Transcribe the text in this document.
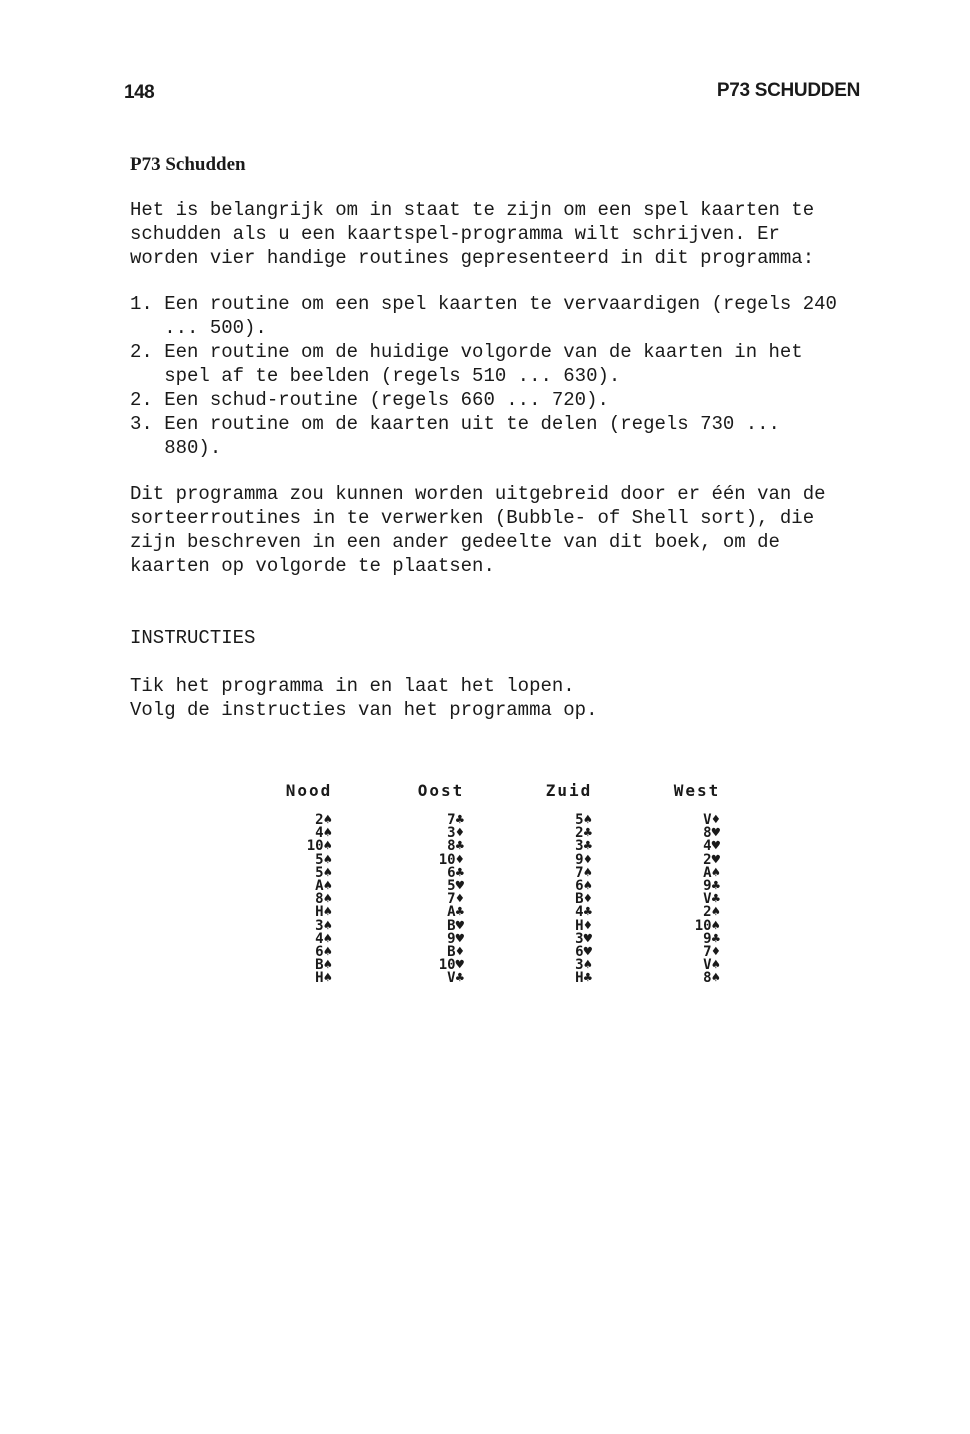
148	P73 SCHUDDEN
P73 Schudden
Het is belangrijk om in staat te zijn om een spel kaarten te
schudden als u een kaartspel-programma wilt schrijven. Er
worden vier handige routines gepresenteerd in dit programma:
1. Een routine om een spel kaarten te vervaardigen (regels 240
... 500).
2. Een routine om de huidige volgorde van de kaarten in het
spel af te beelden (regels 510 ... 630).
2. Een schud-routine (regels 660 ... 720).
3. Een routine om de kaarten uit te delen (regels 730 ...
880).
Dit programma zou kunnen worden uitgebreid door er één van de
sorteerroutines in te verwerken (Bubble- of Shell sort), die
zijn beschreven in een ander gedeelte van dit boek, om de
kaarten op volgorde te plaatsen.
INSTRUCTIES
Tik het programma in en laat het lopen.
Volg de instructies van het programma op.
Nood
2♠
4♠
10♠
5♠
5♠
A♠
8♠
H♠
3♠
4♠
6♠
B♠
H♠
Oost
7♣
3♦
8♣
10♦
6♣
5♥
7♦
A♣
B♥
9♥
B♦
10♥
V♣
Zuid
5♠
2♣
3♣
9♦
7♠
6♠
B♦
4♣
H♦
3♥
6♥
3♠
H♣
West
V♦
8♥
4♥
2♥
A♠
9♣
V♣
2♠
10♠
9♣
7♦
V♠
8♠
